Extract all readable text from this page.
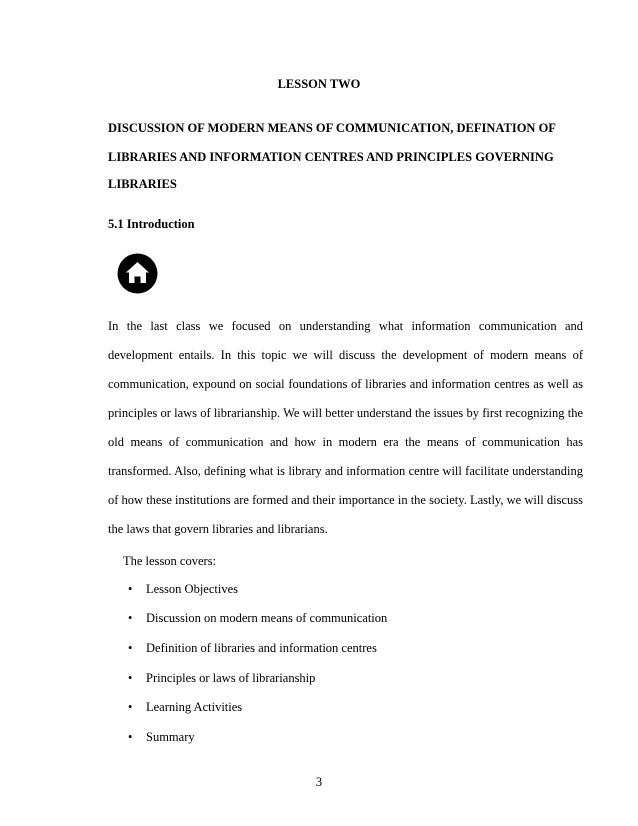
LESSON TWO
DISCUSSION OF MODERN MEANS OF COMMUNICATION, DEFINATION OF
LIBRARIES AND INFORMATION CENTRES AND PRINCIPLES GOVERNING
LIBRARIES
5.1 Introduction
In the last class we focused on understanding what information communication and
development entails. In this topic we will discuss the development of modern means of
communication, expound on social foundations of libraries and information centres as well as
principles or laws of librarianship. We will better understand the issues by first recognizing the
old means of communication and how in modern era the means of communication has
transformed. Also, defining what is library and information centre will facilitate understanding
of how these institutions are formed and their importance in the society. Lastly, we will discuss
the laws that govern libraries and librarians.
The lesson covers:
• Lesson Objectives
• Discussion on modern means of communication
• Definition of libraries and information centres
• Principles or laws of librarianship
• Learning Activities
• Summary
3
